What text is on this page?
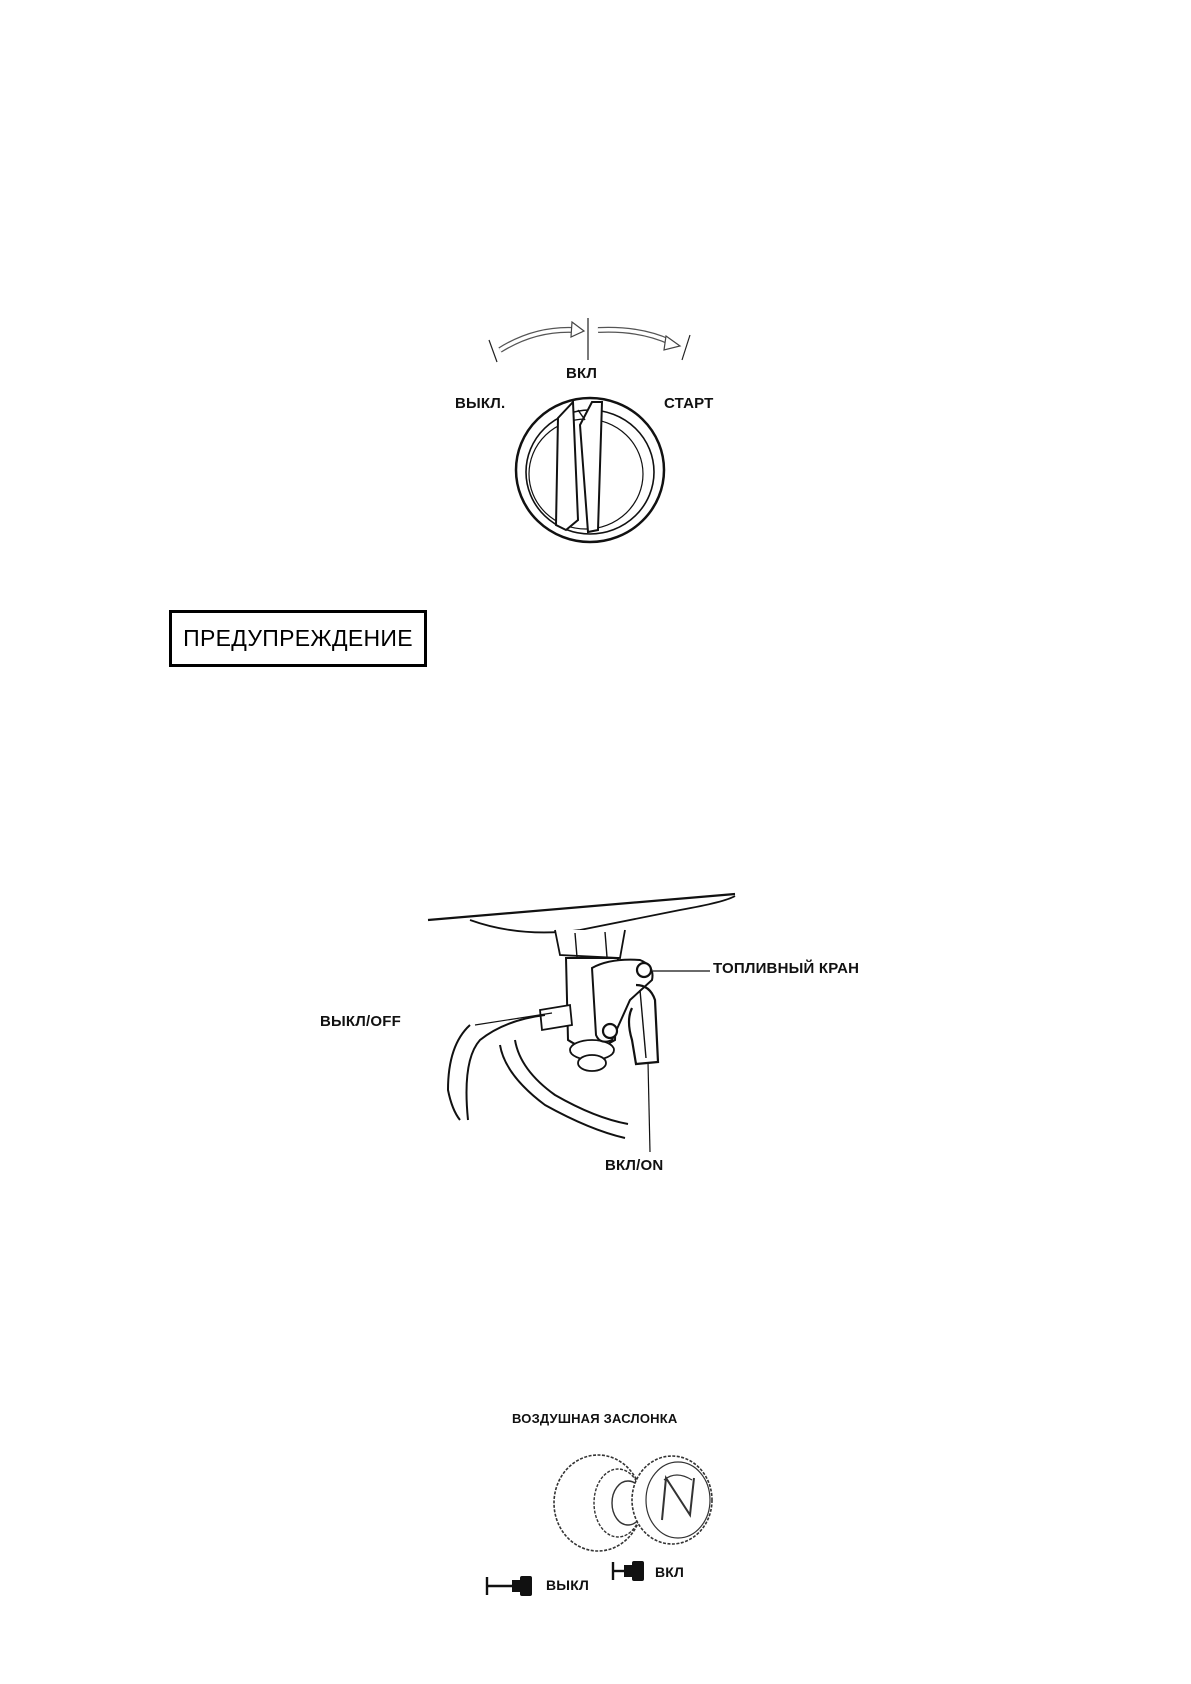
ВЫКЛ.
ВКЛ
СТАРТ
ПРЕДУПРЕЖДЕНИЕ
ТОПЛИВНЫЙ КРАН
ВЫКЛ/OFF
ВКЛ/ON
ВОЗДУШНАЯ ЗАСЛОНКА
ВЫКЛ
ВКЛ
